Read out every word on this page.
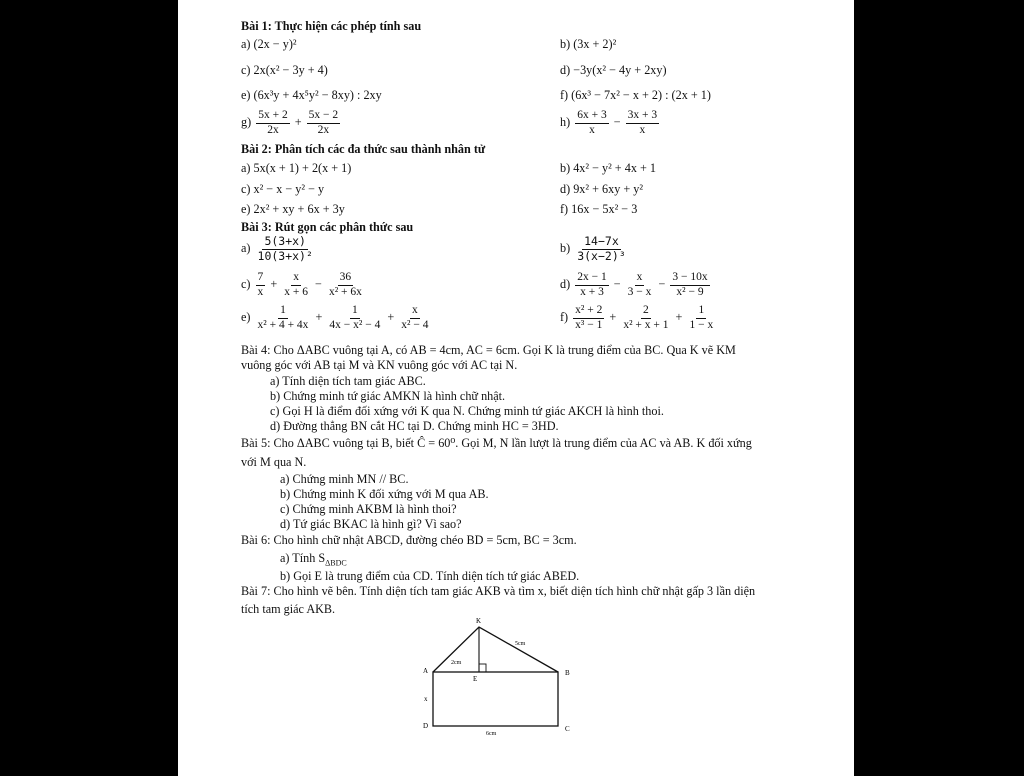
Bài 1: Thực hiện các phép tính sau
a) (2x − y)²	b) (3x + 2)²
c) 2x(x² − 3y + 4)	d) −3y(x² − 4y + 2xy)
e) (6x³y + 4x⁵y² − 8xy) : 2xy	f) (6x³ − 7x² − x + 2) : (2x + 1)
$g) \frac{5x + 2}{2x} + \frac{5x - 2}{2x}$	$h) \frac{6x + 3}{x} - \frac{3x + 3}{x}$
Bài 2: Phân tích các đa thức sau thành nhân tử
a) 5x(x + 1) + 2(x + 1)	b) 4x² − y² + 4x + 1
c) x² − x − y² − y	d) 9x² + 6xy + y²
e) 2x² + xy + 6x + 3y	f) 16x − 5x² − 3
Bài 3: Rút gọn các phân thức sau
$a) \frac{5(3+x)}{\text{10(3+x)²}}$	$b) \frac{14-7x}{\text{3(x−2)³}}$
$c) \frac{7}{x} + \frac{x}{x + 6} - \frac{36}{\text{x² + 6x}}$	$d) \frac{2x - 1}{x + 3} - \frac{x}{3 - x} - \frac{3 - 10x}{\text{x² − 9}}$
$e) \frac{1}{\text{x² + 4 + 4x}} + \frac{1}{\text{4x − x² − 4}} + \frac{x}{\text{x² − 4}}$	$f) \frac{\text{x² + 2}}{\text{x³ − 1}} + \frac{2}{\text{x² + x + 1}} + \frac{1}{1 - x}$
Bài 4: Cho ΔABC vuông tại A, có AB = 4cm, AC = 6cm. Gọi K là trung điểm của BC. Qua K vẽ KM
vuông góc với AB tại M và KN vuông góc với AC tại N.
a) Tính diện tích tam giác ABC.
b) Chứng minh tứ giác AMKN là hình chữ nhật.
c) Gọi H là điểm đối xứng với K qua N. Chứng minh tứ giác AKCH là hình thoi.
d) Đường thẳng BN cắt HC tại D. Chứng minh HC = 3HD.
Bài 5: Cho ΔABC vuông tại B, biết Ĉ = 60⁰. Gọi M, N lần lượt là trung điểm của AC và AB. K đối xứng
với M qua N.
a) Chứng minh MN // BC.
b) Chứng minh K đối xứng với M qua AB.
c) Chứng minh AKBM là hình thoi?
d) Tứ giác BKAC là hình gì? Vì sao?
Bài 6: Cho hình chữ nhật ABCD, đường chéo BD = 5cm, BC = 3cm.
a) Tính $S_{\Delta BDC}$
b) Gọi E là trung điểm của CD. Tính diện tích tứ giác ABED.
Bài 7: Cho hình vẽ bên. Tính diện tích tam giác AKB và tìm x, biết diện tích hình chữ nhật gấp 3 lần diện
tích tam giác AKB.
K
A	B
E
D	C
x
5cm
2cm
6cm
